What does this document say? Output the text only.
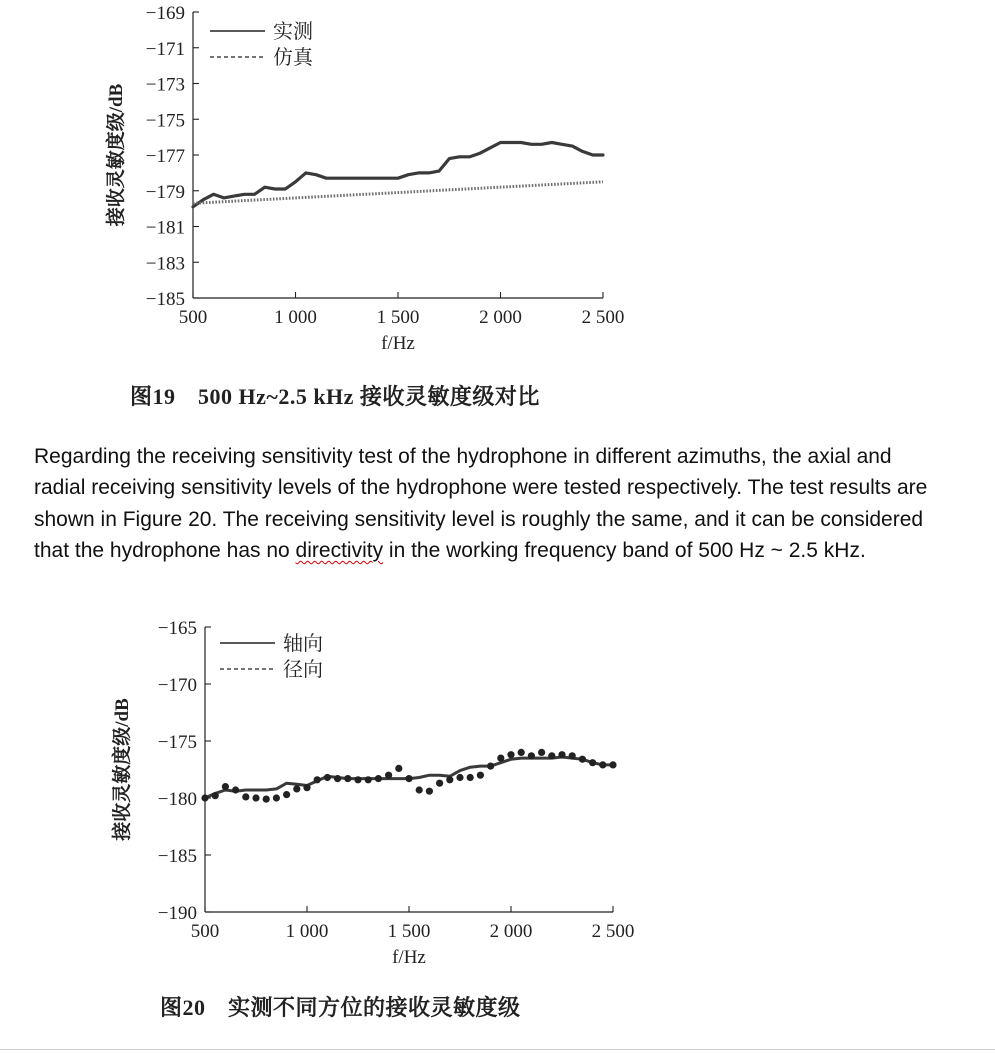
−169
−171
−173
−175
−177
−179
−181
−183
−185
500	1 000	1 500	2 000	2 500
f/Hz
接收灵敏度级/dB
实测
仿真
图19　500 Hz~2.5 kHz 接收灵敏度级对比

Regarding the receiving sensitivity test of the hydrophone in different azimuths, the axial and radial receiving sensitivity levels of the hydrophone were tested respectively. The test results are shown in Figure 20. The receiving sensitivity level is roughly the same, and it can be considered that the hydrophone has no directivity in the working frequency band of 500 Hz ~ 2.5 kHz.

−165
−170
−175
−180
−185
−190
500	1 000	1 500	2 000	2 500
f/Hz
接收灵敏度级/dB
轴向
径向
图20　实测不同方位的接收灵敏度级
